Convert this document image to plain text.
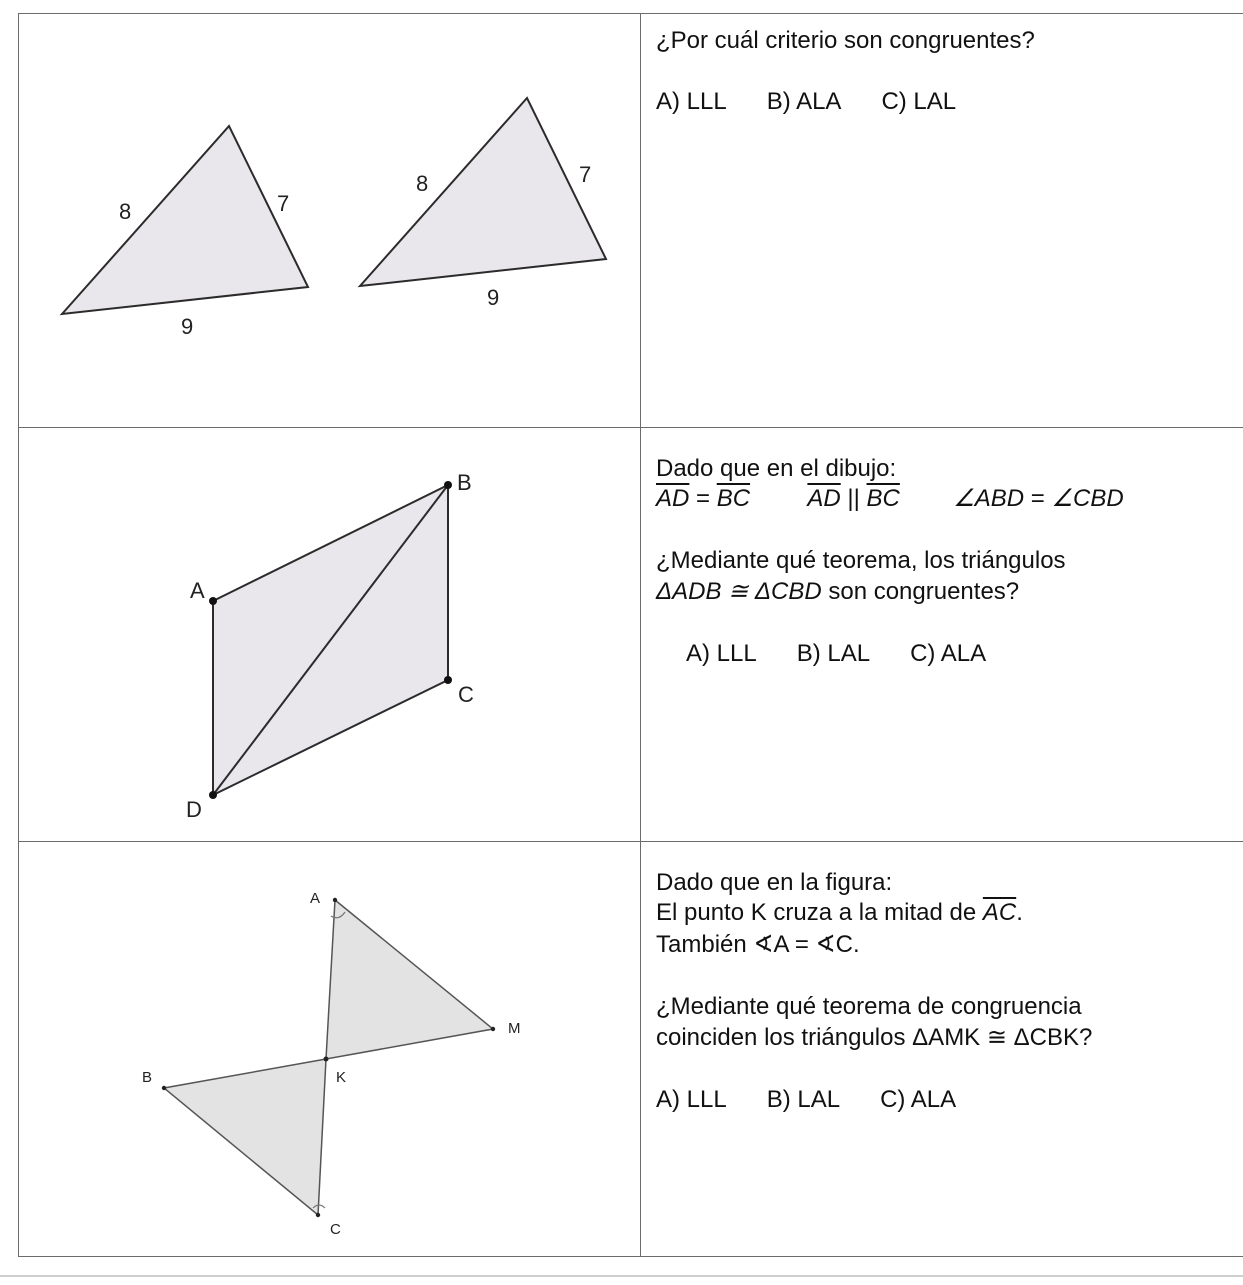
8	7
9
8	7
9
¿Por cuál criterio son congruentes?
A) LLL B) ALA C) LAL
A
B
C
D
Dado que en el dibujo:
$\overline{AD} = \overline{BC}$ $\overline{AD}$ || $\overline{BC}$ ∠ABD = ∠CBD
¿Mediante qué teorema, los triángulos
ΔADB ≅ ΔCBD son congruentes?
A) LLL B) LAL C) ALA
A
M
K
B
C
Dado que en la figura:
El punto K cruza a la mitad de $\overline{AC}$.
También ∢A = ∢C.
¿Mediante qué teorema de congruencia
coinciden los triángulos ΔAMK ≅ ΔCBK?
A) LLL B) LAL C) ALA
